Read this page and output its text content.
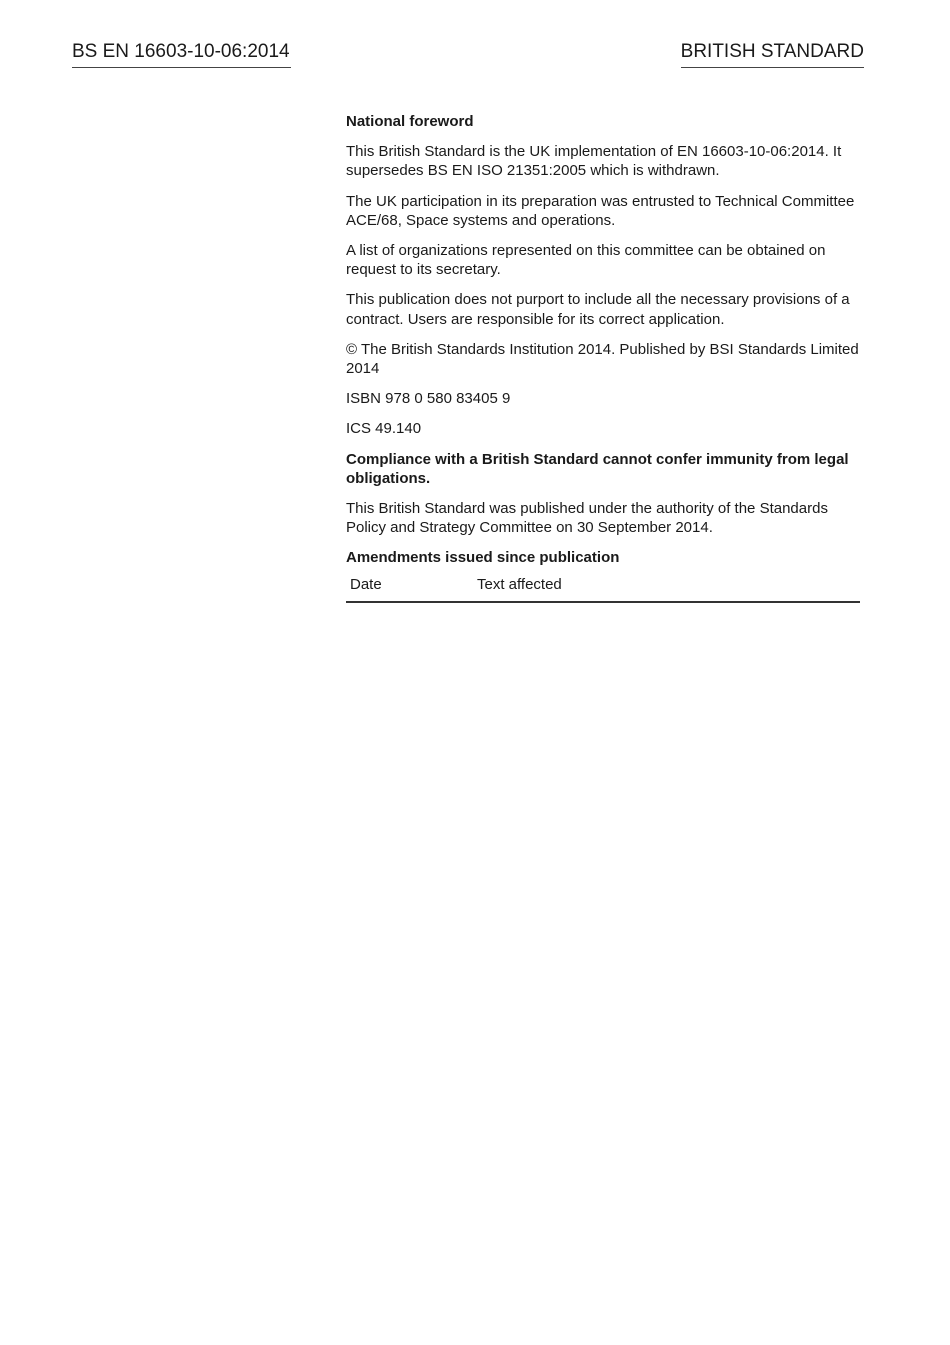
BS EN 16603-10-06:2014	BRITISH STANDARD
National foreword

This British Standard is the UK implementation of EN 16603-10-06:2014. It supersedes BS EN ISO 21351:2005 which is withdrawn.

The UK participation in its preparation was entrusted to Technical Committee ACE/68, Space systems and operations.

A list of organizations represented on this committee can be obtained on request to its secretary.

This publication does not purport to include all the necessary provisions of a contract. Users are responsible for its correct application.

© The British Standards Institution 2014. Published by BSI Standards Limited 2014

ISBN 978 0 580 83405 9

ICS 49.140

Compliance with a British Standard cannot confer immunity from legal obligations.

This British Standard was published under the authority of the Standards Policy and Strategy Committee on 30 September 2014.

Amendments issued since publication
Date	Text affected
